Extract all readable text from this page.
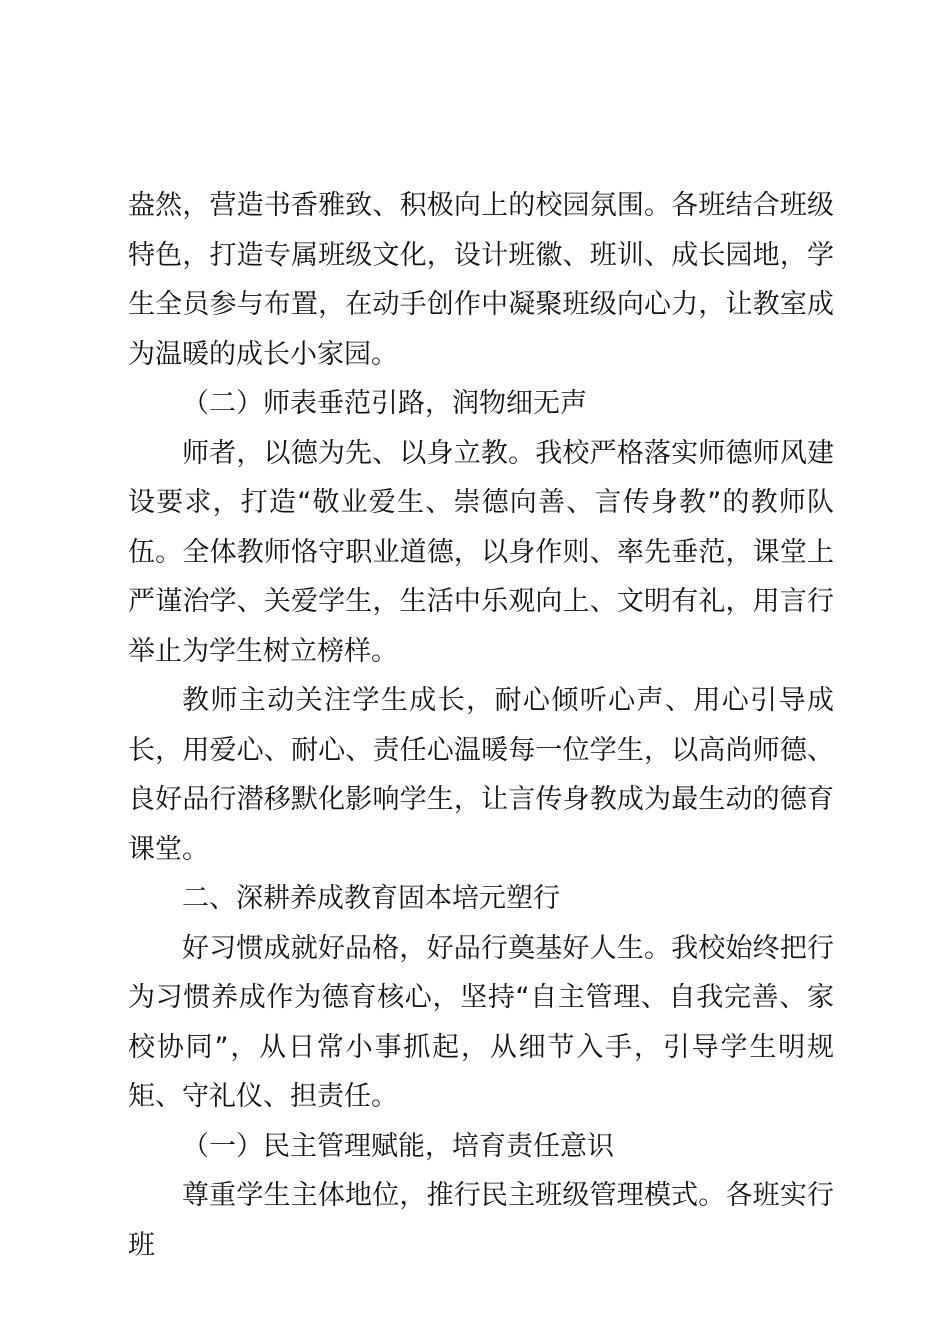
盎然，营造书香雅致、积极向上的校园氛围。各班结合班级特色，打造专属班级文化，设计班徽、班训、成长园地，学生全员参与布置，在动手创作中凝聚班级向心力，让教室成为温暖的成长小家园。

（二）师表垂范引路，润物细无声

师者，以德为先、以身立教。我校严格落实师德师风建设要求，打造“敬业爱生、崇德向善、言传身教”的教师队伍。全体教师恪守职业道德，以身作则、率先垂范，课堂上严谨治学、关爱学生，生活中乐观向上、文明有礼，用言行举止为学生树立榜样。

教师主动关注学生成长，耐心倾听心声、用心引导成长，用爱心、耐心、责任心温暖每一位学生，以高尚师德、良好品行潜移默化影响学生，让言传身教成为最生动的德育课堂。

二、深耕养成教育固本培元塑行

好习惯成就好品格，好品行奠基好人生。我校始终把行为习惯养成作为德育核心，坚持“自主管理、自我完善、家校协同”，从日常小事抓起，从细节入手，引导学生明规矩、守礼仪、担责任。

（一）民主管理赋能，培育责任意识

尊重学生主体地位，推行民主班级管理模式。各班实行班
